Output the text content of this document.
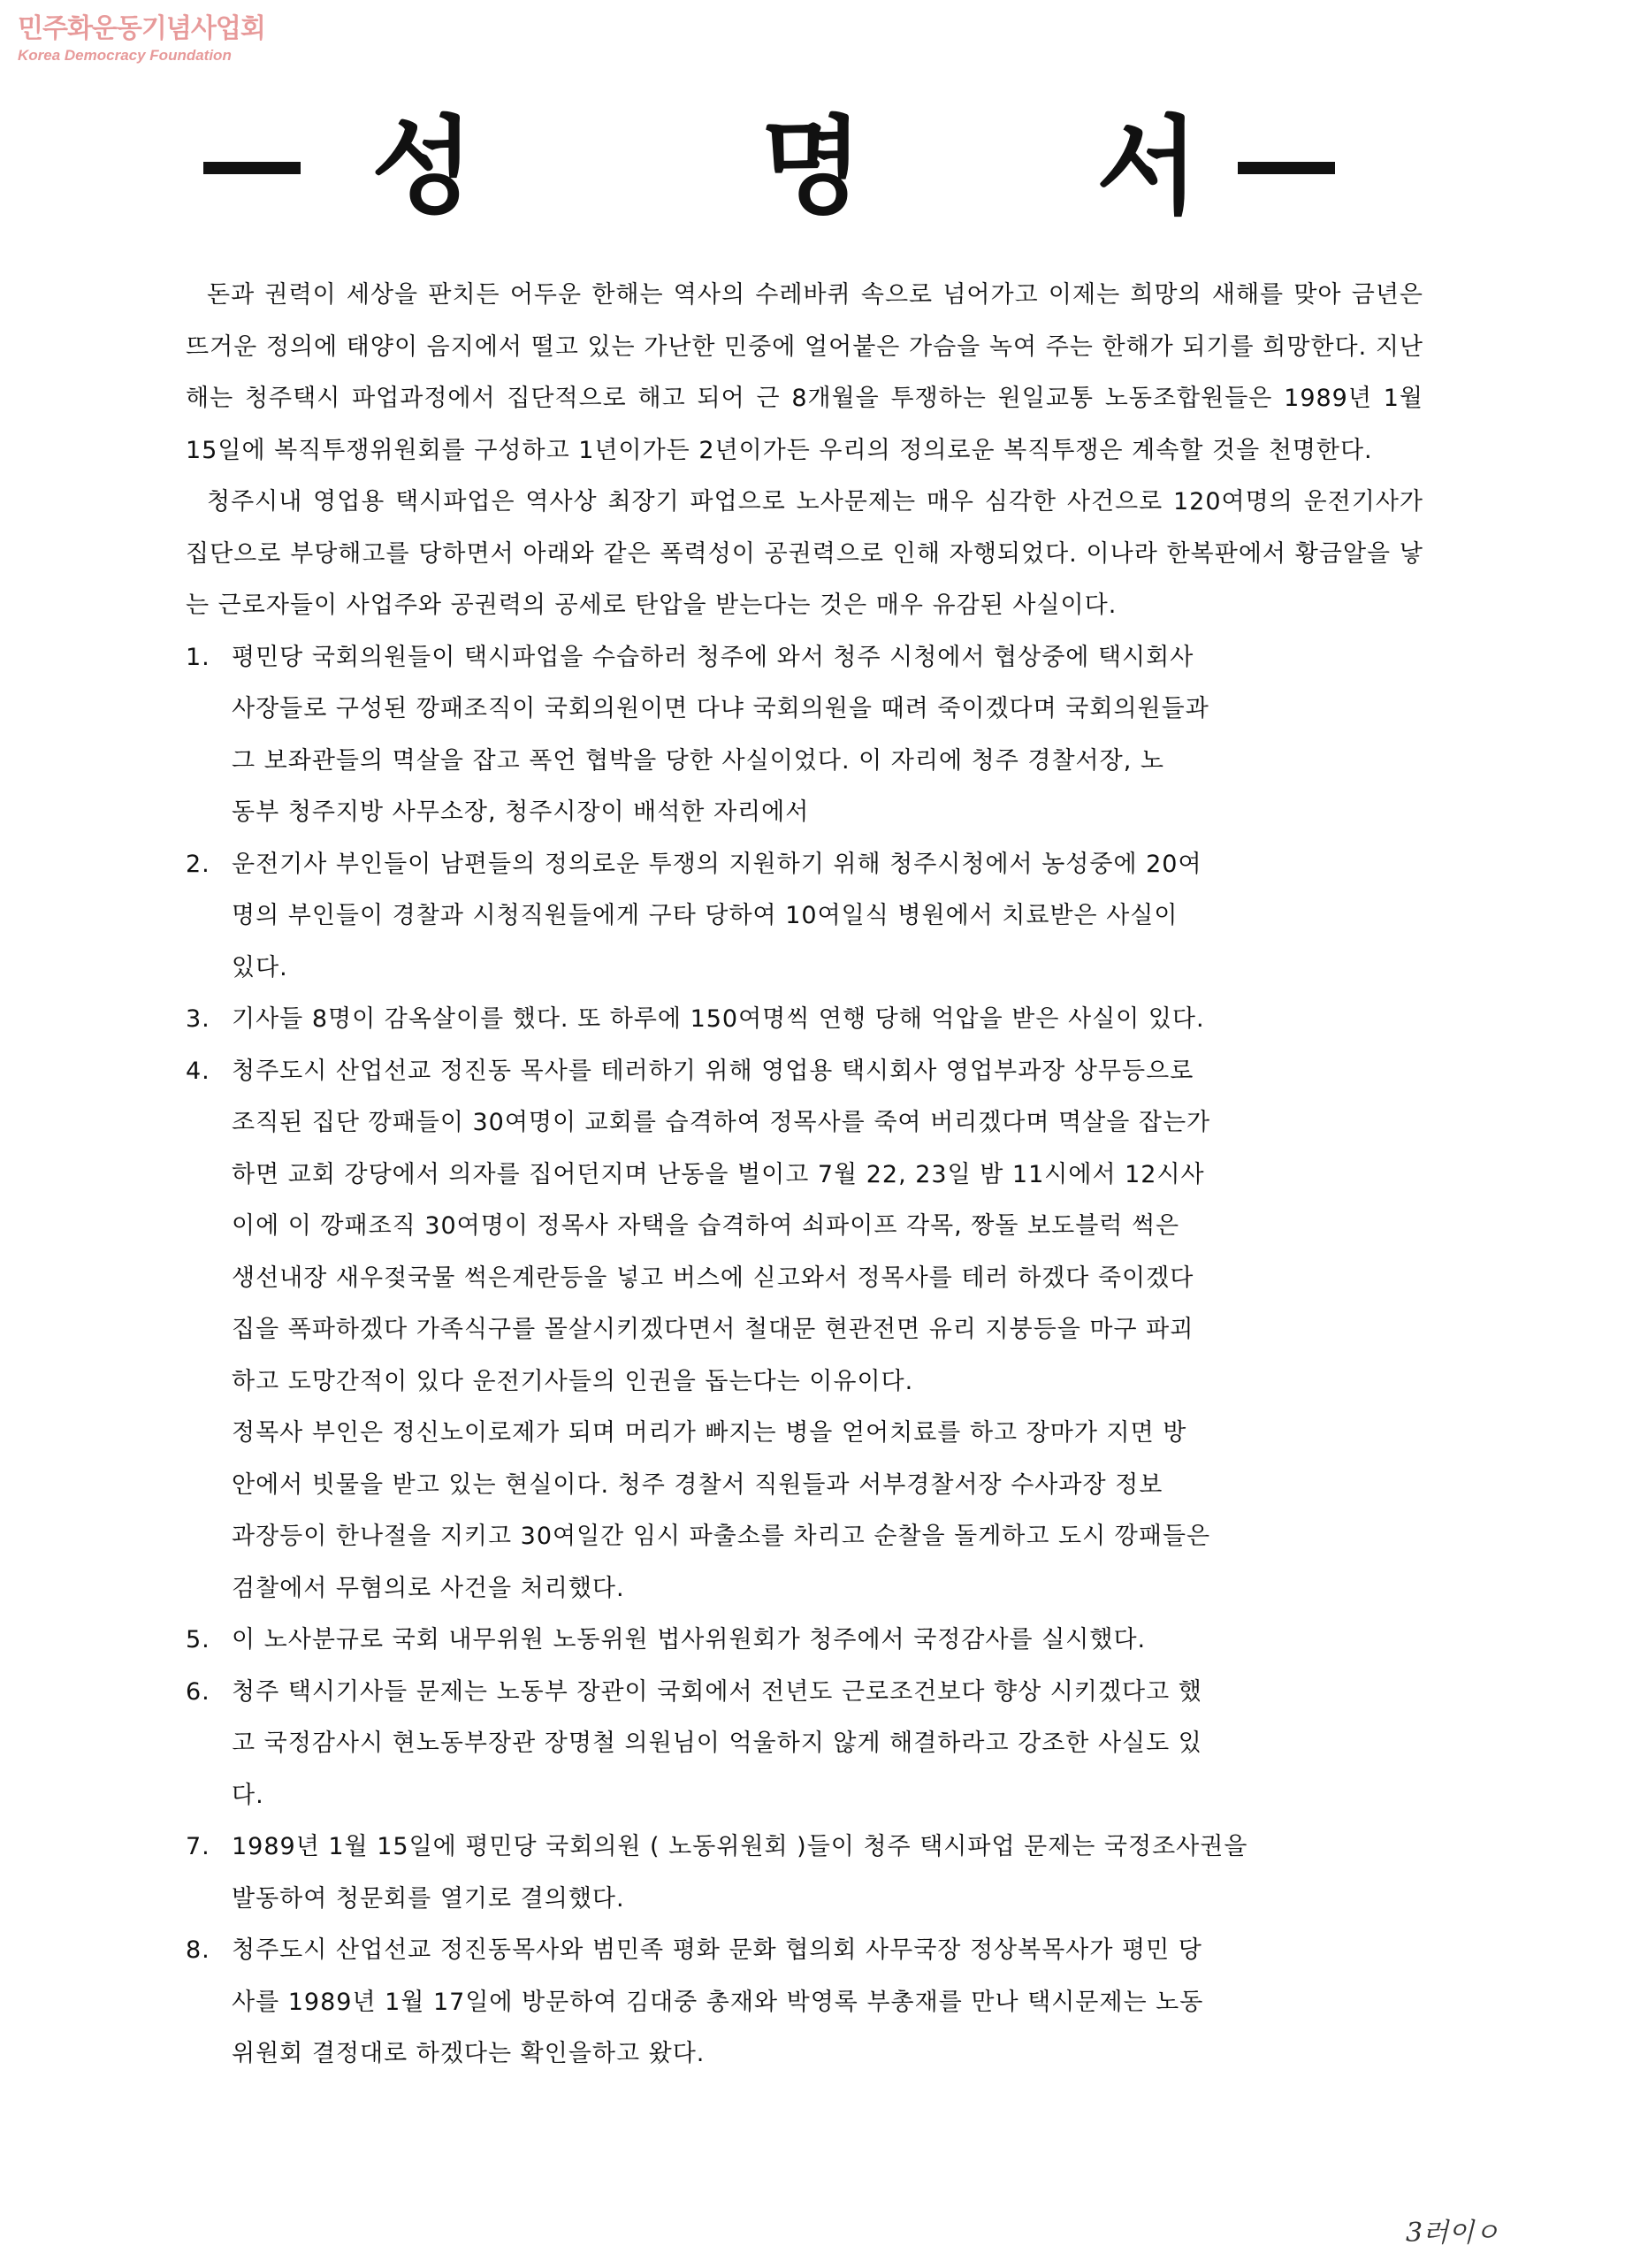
민주화운동기념사업회
Korea Democracy Foundation
성	명 서

돈과 권력이 세상을 판치든 어두운 한해는 역사의 수레바퀴 속으로 넘어가고 이제는 희망의 새해를 맞아 금년은 뜨거운 정의에 태양이 음지에서 떨고 있는 가난한 민중에 얼어붙은 가슴을 녹여 주는 한해가 되기를 희망한다. 지난해는 청주택시 파업과정에서 집단적으로 해고 되어 근 8개월을 투쟁하는 원일교통 노동조합원들은 1989년 1월 15일에 복직투쟁위원회를 구성하고 1년이가든 2년이가든 우리의 정의로운 복직투쟁은 계속할 것을 천명한다.

청주시내 영업용 택시파업은 역사상 최장기 파업으로 노사문제는 매우 심각한 사건으로 120여명의 운전기사가 집단으로 부당해고를 당하면서 아래와 같은 폭력성이 공권력으로 인해 자행되었다. 이나라 한복판에서 황금알을 낳는 근로자들이 사업주와 공권력의 공세로 탄압을 받는다는 것은 매우 유감된 사실이다.

1. 평민당 국회의원들이 택시파업을 수습하러 청주에 와서 청주 시청에서 협상중에 택시회사
사장들로 구성된 깡패조직이 국회의원이면 다냐 국회의원을 때려 죽이겠다며 국회의원들과
그 보좌관들의 멱살을 잡고 폭언 협박을 당한 사실이었다. 이 자리에 청주 경찰서장, 노
동부 청주지방 사무소장, 청주시장이 배석한 자리에서
2. 운전기사 부인들이 남편들의 정의로운 투쟁의 지원하기 위해 청주시청에서 농성중에 20여
명의 부인들이 경찰과 시청직원들에게 구타 당하여 10여일식 병원에서 치료받은 사실이
있다.
3. 기사들 8명이 감옥살이를 했다. 또 하루에 150여명씩 연행 당해 억압을 받은 사실이 있다.
4. 청주도시 산업선교 정진동 목사를 테러하기 위해 영업용 택시회사 영업부과장 상무등으로
조직된 집단 깡패들이 30여명이 교회를 습격하여 정목사를 죽여 버리겠다며 멱살을 잡는가
하면 교회 강당에서 의자를 집어던지며 난동을 벌이고 7월 22, 23일 밤 11시에서 12시사
이에 이 깡패조직 30여명이 정목사 자택을 습격하여 쇠파이프 각목, 짱돌 보도블럭 썩은
생선내장 새우젖국물 썩은계란등을 넣고 버스에 싣고와서 정목사를 테러 하겠다 죽이겠다
집을 폭파하겠다 가족식구를 몰살시키겠다면서 철대문 현관전면 유리 지붕등을 마구 파괴
하고 도망간적이 있다 운전기사들의 인권을 돕는다는 이유이다.
정목사 부인은 정신노이로제가 되며 머리가 빠지는 병을 얻어치료를 하고 장마가 지면 방
안에서 빗물을 받고 있는 현실이다. 청주 경찰서 직원들과 서부경찰서장 수사과장 정보
과장등이 한나절을 지키고 30여일간 임시 파출소를 차리고 순찰을 돌게하고 도시 깡패들은
검찰에서 무혐의로 사건을 처리했다.
5. 이 노사분규로 국회 내무위원 노동위원 법사위원회가 청주에서 국정감사를 실시했다.
6. 청주 택시기사들 문제는 노동부 장관이 국회에서 전년도 근로조건보다 향상 시키겠다고 했
고 국정감사시 현노동부장관 장명철 의원님이 억울하지 않게 해결하라고 강조한 사실도 있
다.
7. 1989년 1월 15일에 평민당 국회의원 ( 노동위원회 )들이 청주 택시파업 문제는 국정조사권을
발동하여 청문회를 열기로 결의했다.
8. 청주도시 산업선교 정진동목사와 범민족 평화 문화 협의회 사무국장 정상복목사가 평민 당
사를 1989년 1월 17일에 방문하여 김대중 총재와 박영록 부총재를 만나 택시문제는 노동
위원회 결정대로 하겠다는 확인을하고 왔다.
3러이ㅇ
